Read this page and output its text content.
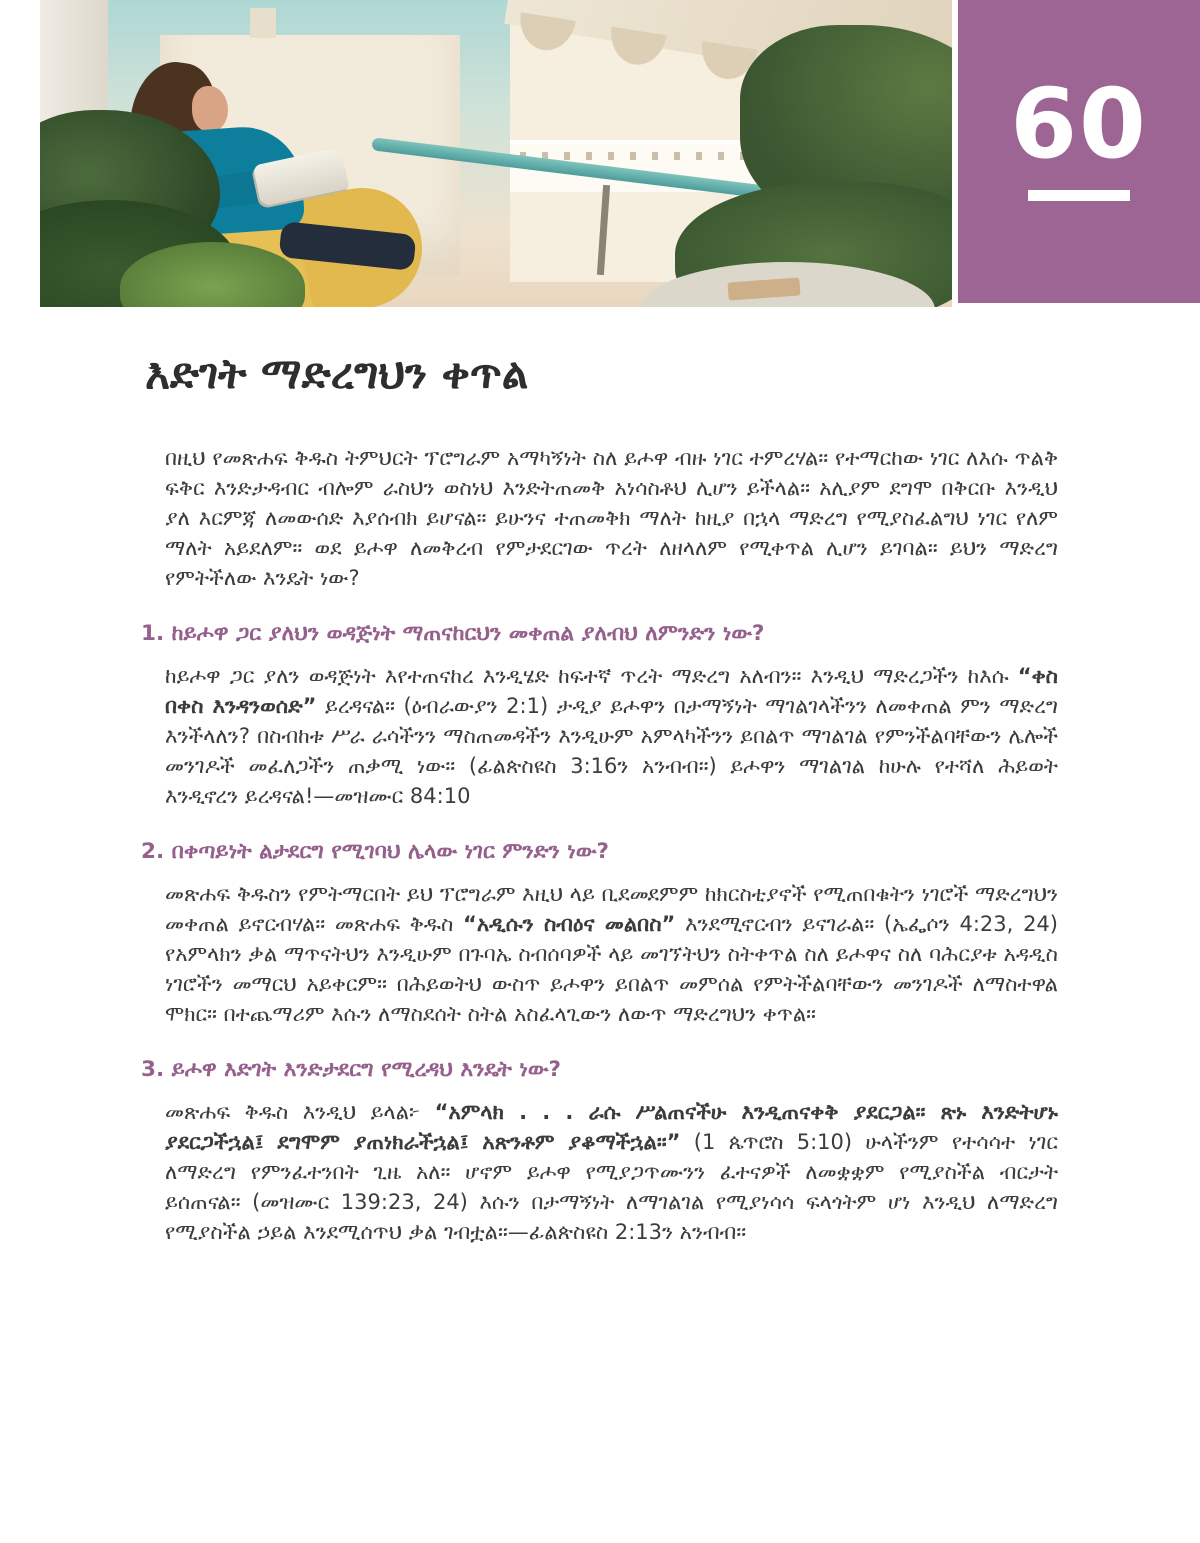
60
እድገት ማድረግህን ቀጥል

በዚህ የመጽሐፍ ቅዱስ ትምህርት ፕሮግራም አማካኝነት ስለ ይሖዋ ብዙ ነገር ተምረሃል። የተማርከው ነገር ለእሱ ጥልቅ ፍቅር እንድታዳብር ብሎም ራስህን ወስነህ እንድትጠመቅ አነሳስቶህ ሊሆን ይችላል። አሊያም ደግሞ በቅርቡ እንዲህ ያለ እርምጃ ለመውሰድ እያሰብክ ይሆናል። ይሁንና ተጠመቅክ ማለት ከዚያ በኋላ ማድረግ የሚያስፈልግህ ነገር የለም ማለት አይደለም። ወደ ይሖዋ ለመቅረብ የምታደርገው ጥረት ለዘላለም የሚቀጥል ሊሆን ይገባል። ይህን ማድረግ የምትችለው እንዴት ነው?

1. ከይሖዋ ጋር ያለህን ወዳጅነት ማጠናከርህን መቀጠል ያለብህ ለምንድን ነው?

ከይሖዋ ጋር ያለን ወዳጅነት እየተጠናከረ እንዲሄድ ከፍተኛ ጥረት ማድረግ አለብን። እንዲህ ማድረጋችን ከእሱ “ቀስ በቀስ እንዳንወሰድ” ይረዳናል። (ዕብራውያን 2:1) ታዲያ ይሖዋን በታማኝነት ማገልገላችንን ለመቀጠል ምን ማድረግ እንችላለን? በስብከቱ ሥራ ራሳችንን ማስጠመዳችን እንዲሁም አምላካችንን ይበልጥ ማገልገል የምንችልባቸውን ሌሎች መንገዶች መፈለጋችን ጠቃሚ ነው። (ፊልጵስዩስ 3:16ን አንብብ።) ይሖዋን ማገልገል ከሁሉ የተሻለ ሕይወት እንዲኖረን ይረዳናል!—መዝሙር 84:10

2. በቀጣይነት ልታደርግ የሚገባህ ሌላው ነገር ምንድን ነው?

መጽሐፍ ቅዱስን የምትማርበት ይህ ፕሮግራም እዚህ ላይ ቢደመደምም ከክርስቲያኖች የሚጠበቁትን ነገሮች ማድረግህን መቀጠል ይኖርብሃል። መጽሐፍ ቅዱስ “አዲሱን ስብዕና መልበስ” እንደሚኖርብን ይናገራል። (ኤፌሶን 4:23, 24) የአምላክን ቃል ማጥናትህን እንዲሁም በጉባኤ ስብሰባዎች ላይ መገኘትህን ስትቀጥል ስለ ይሖዋና ስለ ባሕርያቱ አዳዲስ ነገሮችን መማርህ አይቀርም። በሕይወትህ ውስጥ ይሖዋን ይበልጥ መምሰል የምትችልባቸውን መንገዶች ለማስተዋል ሞክር። በተጨማሪም እሱን ለማስደሰት ስትል አስፈላጊውን ለውጥ ማድረግህን ቀጥል።

3. ይሖዋ እድገት እንድታደርግ የሚረዳህ እንዴት ነው?

መጽሐፍ ቅዱስ እንዲህ ይላል፦ “አምላክ . . . ራሱ ሥልጠናችሁ እንዲጠናቀቅ ያደርጋል። ጽኑ እንድትሆኑ ያደርጋችኋል፤ ደግሞም ያጠነክራችኋል፤ አጽንቶም ያቆማችኋል።” (1 ጴጥሮስ 5:10) ሁላችንም የተሳሳተ ነገር ለማድረግ የምንፈተንበት ጊዜ አለ። ሆኖም ይሖዋ የሚያጋጥሙንን ፈተናዎች ለመቋቋም የሚያስችል ብርታት ይሰጠናል። (መዝሙር 139:23, 24) እሱን በታማኝነት ለማገልገል የሚያነሳሳ ፍላጎትም ሆነ እንዲህ ለማድረግ የሚያስችል ኃይል እንደሚሰጥህ ቃል ገብቷል።—ፊልጵስዩስ 2:13ን አንብብ።
